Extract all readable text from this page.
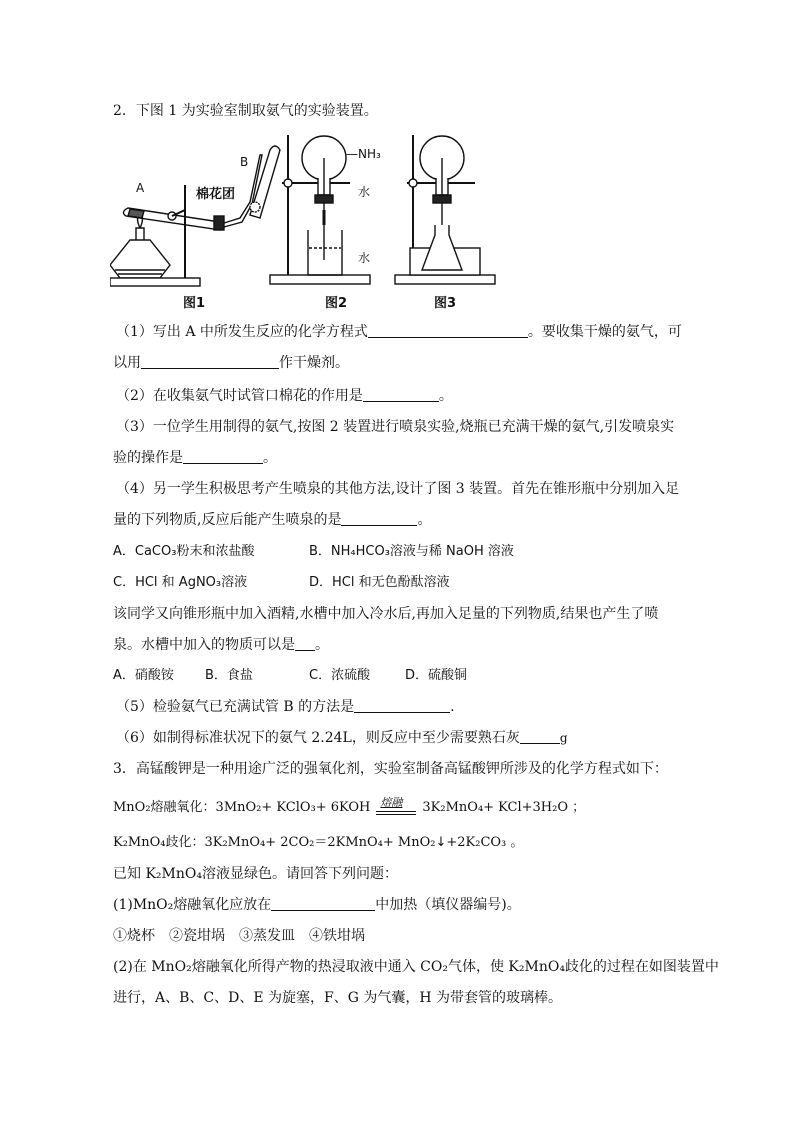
2．下图 1 为实验室制取氨气的实验装置。
A
B
棉花团
—NH₃
水
水
图1	图2	图3
（1）写出 A 中所发生反应的化学方程式	。要收集干燥的氨气，可
以用	作干燥剂。
（2）在收集氨气时试管口棉花的作用是	。
（3）一位学生用制得的氨气,按图 2 装置进行喷泉实验,烧瓶已充满干燥的氨气,引发喷泉实
验的操作是	。
（4）另一学生积极思考产生喷泉的其他方法,设计了图 3 装置。首先在锥形瓶中分别加入足
量的下列物质,反应后能产生喷泉的是	。
A．CaCO₃粉末和浓盐酸	B．NH₄HCO₃溶液与稀 NaOH 溶液
C．HCl 和 AgNO₃溶液	D．HCl 和无色酚酞溶液
该同学又向锥形瓶中加入酒精,水槽中加入冷水后,再加入足量的下列物质,结果也产生了喷
泉。水槽中加入的物质可以是 。
A．硝酸铵 B．食盐	C．浓硫酸	D．硫酸铜
（5）检验氨气已充满试管 B 的方法是	.
（6）如制得标准状况下的氨气 2.24L，则反应中至少需要熟石灰	g
3．高锰酸钾是一种用途广泛的强氧化剂，实验室制备高锰酸钾所涉及的化学方程式如下：
MnO₂熔融氧化：3MnO₂+ KClO₃+ 6KOH 熔融 3K₂MnO₄+ KCl+3H₂O ；
K₂MnO₄歧化：3K₂MnO₄+ 2CO₂＝2KMnO₄+ MnO₂↓+2K₂CO₃ 。
已知 K₂MnO₄溶液显绿色。请回答下列问题：
(1)MnO₂熔融氧化应放在	中加热（填仪器编号)。
①烧杯　②瓷坩埚　③蒸发皿　④铁坩埚
(2)在 MnO₂熔融氧化所得产物的热浸取液中通入 CO₂气体，使 K₂MnO₄歧化的过程在如图装置中
进行，A、B、C、D、E 为旋塞，F、G 为气囊，H 为带套管的玻璃棒。
